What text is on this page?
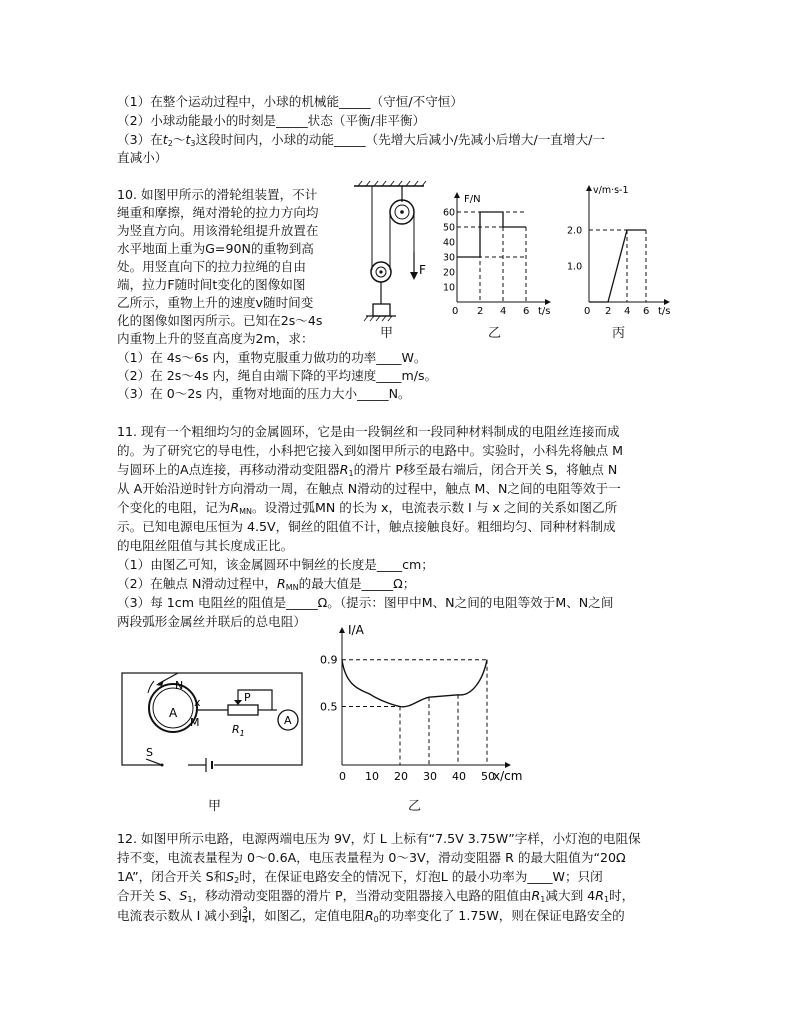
（1）在整个运动过程中，小球的机械能_____（守恒/不守恒）
（2）小球动能最小的时刻是_____状态（平衡/非平衡）
（3）在$t_2\sim t_3$这段时间内，小球的动能_____（先增大后减小/先减小后增大/一直增大/一
直减小）
10. 如图甲所示的滑轮组装置，不计
绳重和摩擦，绳对滑轮的拉力方向均
为竖直方向。用该滑轮组提升放置在
水平地面上重为G=90N的重物到高
处。用竖直向下的拉力拉绳的自由
端，拉力F随时间t变化的图像如图
乙所示，重物上升的速度v随时间变
化的图像如图丙所示。已知在2s～4s
内重物上升的竖直高度为2m，求：
（1）在 4s～6s 内，重物克服重力做功的功率____W。
（2）在 2s～4s 内，绳自由端下降的平均速度____m/s。
（3）在 0～2s 内，重物对地面的压力大小_____N。
F
甲
10
20
30
40
50
60
2 4 6
F/N
t/s
0
乙
1.0
2.0
2 4 6
v/m·s-1
t/s
0
丙
11. 现有一个粗细均匀的金属圆环，它是由一段铜丝和一段同种材料制成的电阻丝连接而成
的。为了研究它的导电性，小科把它接入到如图甲所示的电路中。实验时，小科先将触点 M
与圆环上的A点连接，再移动滑动变阻器$R_1$的滑片 P移至最右端后，闭合开关 S，将触点 N
从 A开始沿逆时针方向滑动一周，在触点 N滑动的过程中，触点 M、N之间的电阻等效于一
个变化的电阻，记为$R_{MN}$。设滑过弧MN 的长为 x，电流表示数 I 与 x 之间的关系如图乙所
示。已知电源电压恒为 4.5V，铜丝的阻值不计，触点接触良好。粗细均匀、同种材料制成
的电阻丝阻值与其长度成正比。
（1）由图乙可知，该金属圆环中铜丝的长度是____cm；
（2）在触点 N滑动过程中，$R_{MN}$的最大值是_____Ω；
（3）每 1cm 电阻丝的阻值是_____Ω。（提示：图甲中M、N之间的电阻等效于M、N之间
两段弧形金属丝并联后的总电阻）
N
x
A
M
P
$R_1$
A
S
甲
0.5
0.9
0 10 20 30 40 50
I/A
x/cm
乙
12. 如图甲所示电路，电源两端电压为 9V，灯 L 上标有“7.5V 3.75W”字样，小灯泡的电阻保
持不变，电流表量程为 0～0.6A，电压表量程为 0～3V，滑动变阻器 R 的最大阻值为“20Ω
1A”，闭合开关 S和$S_2$时，在保证电路安全的情况下，灯泡L 的最小功率为____W；只闭
合开关 S、$S_1$，移动滑动变阻器的滑片 P，当滑动变阻器接入电路的阻值由$R_1$减大到 $4R_1$时，
电流表示数从 I 减小到 $\frac{3}{4}$ I，如图乙，定值电阻$R_0$的功率变化了 1.75W，则在保证电路安全的
